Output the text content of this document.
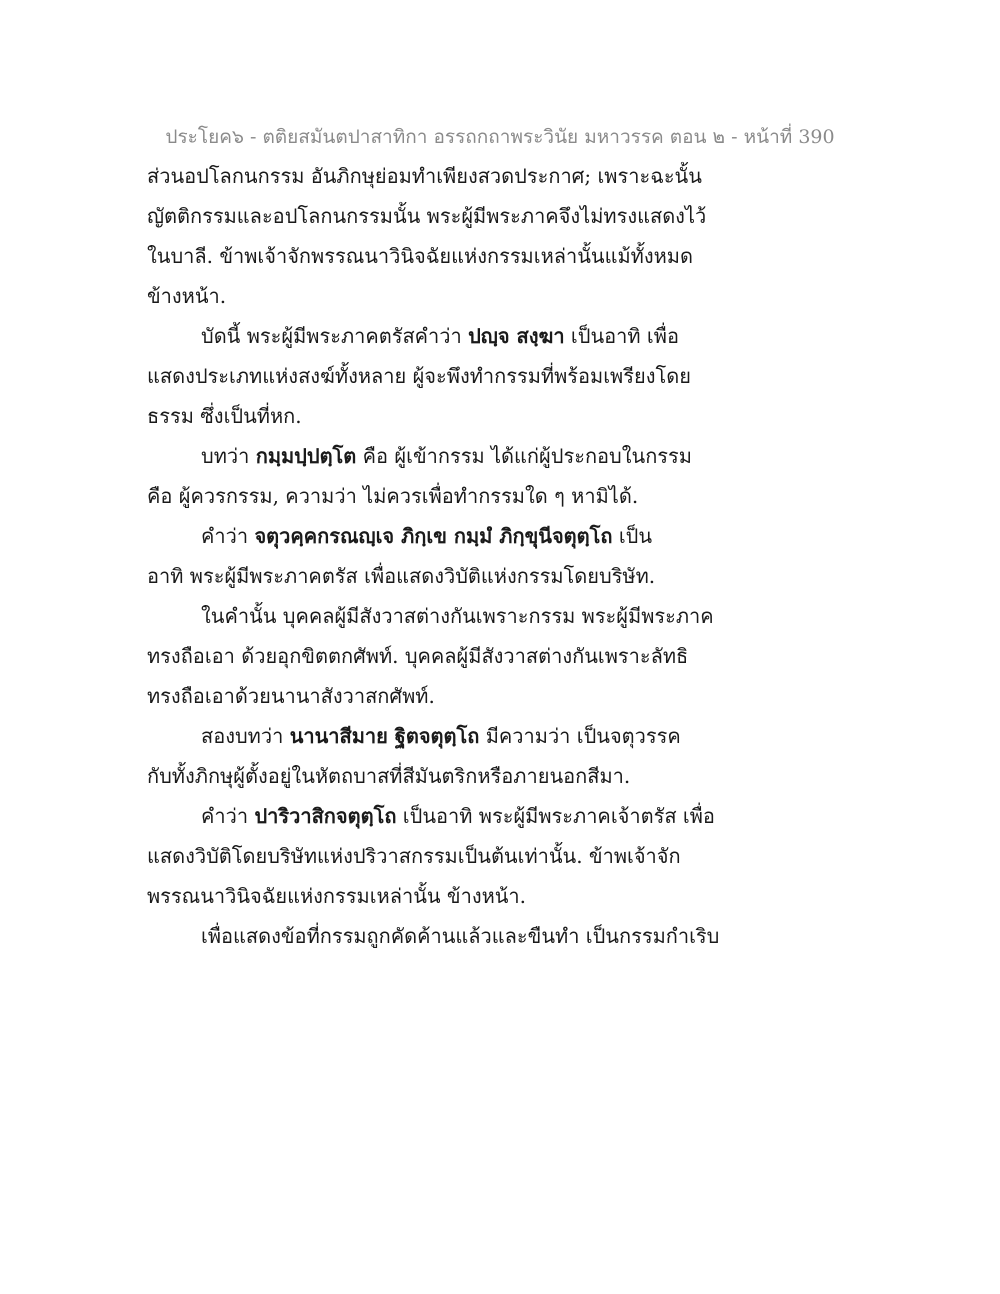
ประโยค๖ - ตติยสมันตปาสาทิกา อรรถกถาพระวินัย มหาวรรค ตอน ๒ - หน้าที่ 390
ส่วนอปโลกนกรรม อันภิกษุย่อมทำเพียงสวดประกาศ; เพราะฉะนั้น
ญัตติกรรมและอปโลกนกรรมนั้น พระผู้มีพระภาคจึงไม่ทรงแสดงไว้
ในบาลี. ข้าพเจ้าจักพรรณนาวินิจฉัยแห่งกรรมเหล่านั้นแม้ทั้งหมด
ข้างหน้า.
บัดนี้ พระผู้มีพระภาคตรัสคำว่า ปญฺจ สงฺฆา เป็นอาทิ เพื่อ
แสดงประเภทแห่งสงฆ์ทั้งหลาย ผู้จะพึงทำกรรมที่พร้อมเพรียงโดย
ธรรม ซึ่งเป็นที่หก.
บทว่า กมฺมปฺปตฺโต คือ ผู้เข้ากรรม ได้แก่ผู้ประกอบในกรรม
คือ ผู้ควรกรรม, ความว่า ไม่ควรเพื่อทำกรรมใด ๆ หามิได้.
คำว่า จตุวคฺคกรณญฺเจ ภิกฺเข กมฺมํ ภิกฺขุนีจตุตฺโถ เป็น
อาทิ พระผู้มีพระภาคตรัส เพื่อแสดงวิบัติแห่งกรรมโดยบริษัท.
ในคำนั้น บุคคลผู้มีสังวาสต่างกันเพราะกรรม พระผู้มีพระภาค
ทรงถือเอา ด้วยอุกขิตตกศัพท์. บุคคลผู้มีสังวาสต่างกันเพราะลัทธิ
ทรงถือเอาด้วยนานาสังวาสกศัพท์.
สองบทว่า นานาสีมาย ฐิตจตุตฺโถ มีความว่า เป็นจตุวรรค
กับทั้งภิกษุผู้ตั้งอยู่ในหัตถบาสที่สีมันตริกหรือภายนอกสีมา.
คำว่า ปาริวาสิกจตุตฺโถ เป็นอาทิ พระผู้มีพระภาคเจ้าตรัส เพื่อ
แสดงวิบัติโดยบริษัทแห่งปริวาสกรรมเป็นต้นเท่านั้น. ข้าพเจ้าจัก
พรรณนาวินิจฉัยแห่งกรรมเหล่านั้น ข้างหน้า.
เพื่อแสดงข้อที่กรรมถูกคัดค้านแล้วและขืนทำ เป็นกรรมกำเริบ
